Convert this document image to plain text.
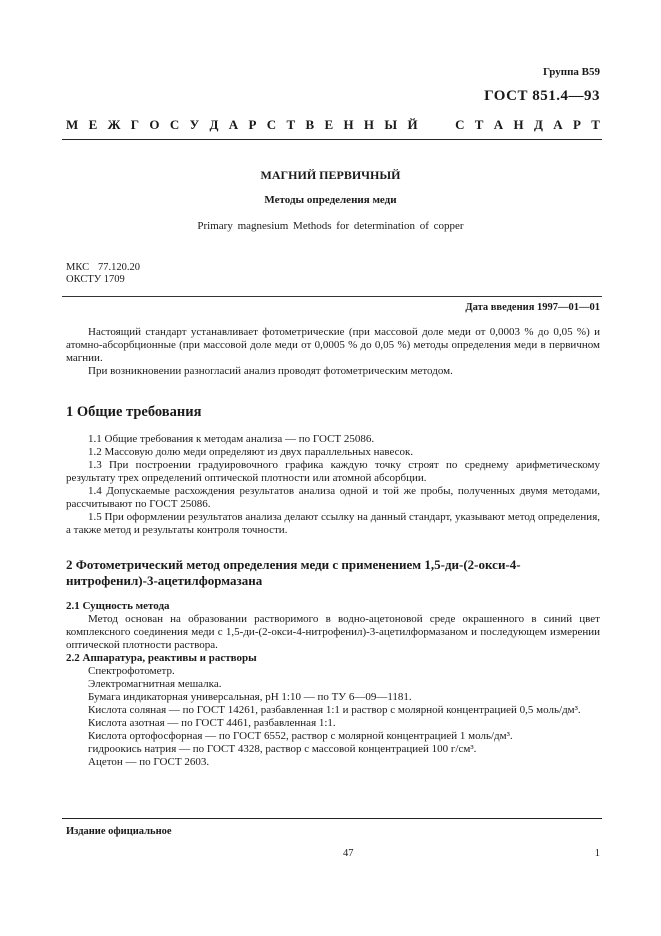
Группа В59
ГОСТ 851.4—93
М Е Ж Г О С У Д А Р С Т В Е Н Н Ы Й

	С Т А Н Д А Р Т
МАГНИЙ ПЕРВИЧНЫЙ
Методы определения меди
Primary magnesium Methods for determination of copper
МКС 77.120.20
ОКСТУ 1709
Дата введения 1997—01—01

Настоящий стандарт устанавливает фотометрические (при массовой доле меди от 0,0003 % до 0,05 %) и атомно-абсорбционные (при массовой доле меди от 0,0005 % до 0,05 %) методы определения меди в первичном магнии.

При возникновении разногласий анализ проводят фотометрическим методом.

1 Общие требования

1.1 Общие требования к методам анализа — по ГОСТ 25086.

1.2 Массовую долю меди определяют из двух параллельных навесок.

1.3 При построении градуировочного графика каждую точку строят по среднему арифметическому результату трех определений оптической плотности или атомной абсорбции.

1.4 Допускаемые расхождения результатов анализа одной и той же пробы, полученных двумя методами, рассчитывают по ГОСТ 25086.

1.5 При оформлении результатов анализа делают ссылку на данный стандарт, указывают метод определения, а также метод и результаты контроля точности.

2 Фотометрический метод определения меди с применением 1,5-ди-(2-окси-4-нитрофенил)-3-ацетилформазана

2.1 Сущность метода

Метод основан на образовании растворимого в водно-ацетоновой среде окрашенного в синий цвет комплексного соединения меди с 1,5-ди-(2-окси-4-нитрофенил)-3-ацетилформазаном и последующем измерении оптической плотности раствора.

2.2 Аппаратура, реактивы и растворы

Спектрофотометр.

Электромагнитная мешалка.

Бумага индикаторная универсальная, рН 1:10 — по ТУ 6—09—1181.

Кислота соляная — по ГОСТ 14261, разбавленная 1:1 и раствор с молярной концентрацией 0,5 моль/дм³.

Кислота азотная — по ГОСТ 4461, разбавленная 1:1.

Кислота ортофосфорная — по ГОСТ 6552, раствор с молярной концентрацией 1 моль/дм³.

гидроокись натрия — по ГОСТ 4328, раствор с массовой концентрацией 100 г/см³.

Ацетон — по ГОСТ 2603.

Издание официальное
47	1
